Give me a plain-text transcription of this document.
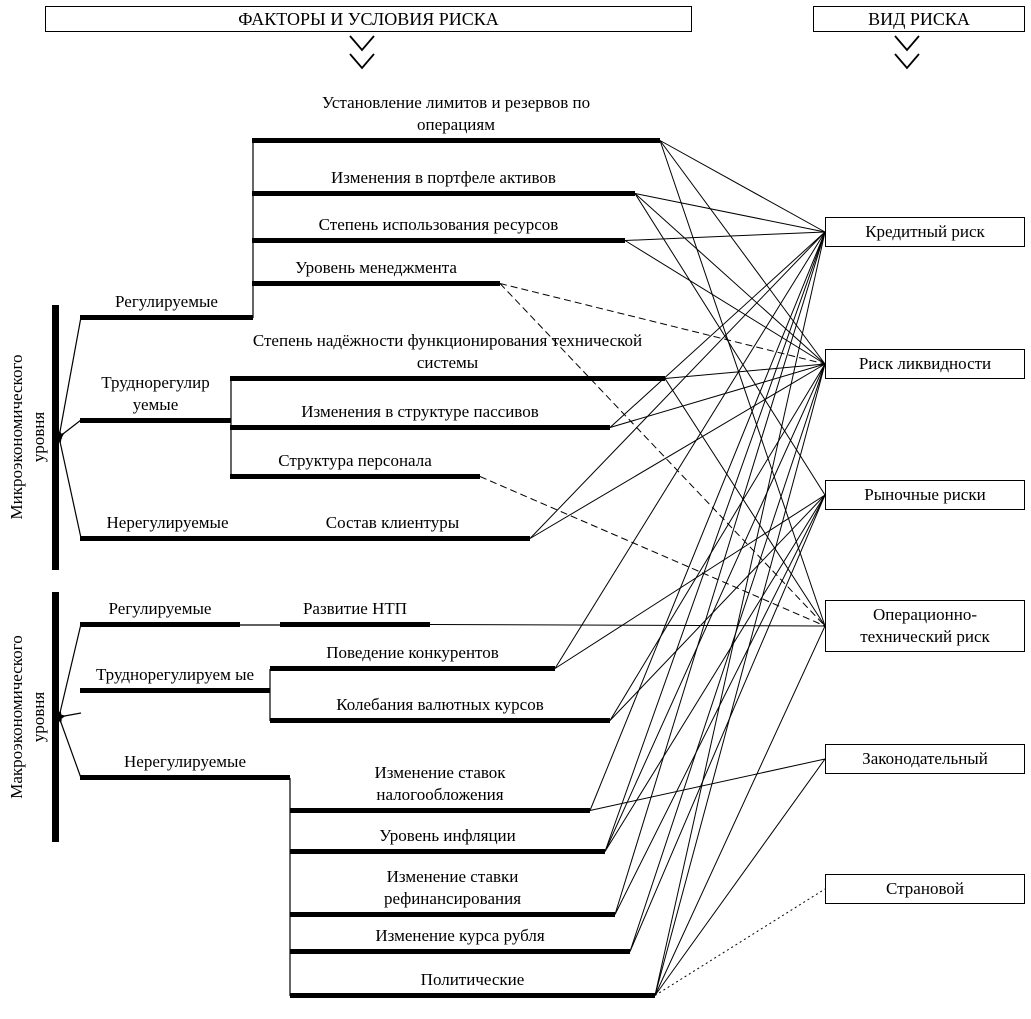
ФАКТОРЫ И УСЛОВИЯ РИСКА	ВИД РИСКА
Микроэкономического уровня
Макроэкономического уровня
Регулируемые
Труднорегулир уемые
Нерегулируемые
Регулируемые
Труднорегулируем ые
Нерегулируемые
Установление лимитов и резервов по операциям
Изменения в портфеле активов
Степень использования ресурсов
Уровень менеджмента
Степень надёжности функционирования технической системы
Изменения в структуре пассивов
Структура персонала
Состав клиентуры
Развитие НТП
Поведение конкурентов
Колебания валютных курсов
Изменение ставок налогообложения
Уровень инфляции
Изменение ставки рефинансирования
Изменение курса рубля
Политические
Кредитный риск
Риск ликвидности
Рыночные риски
Операционно-технический риск
Законодательный
Страновой
